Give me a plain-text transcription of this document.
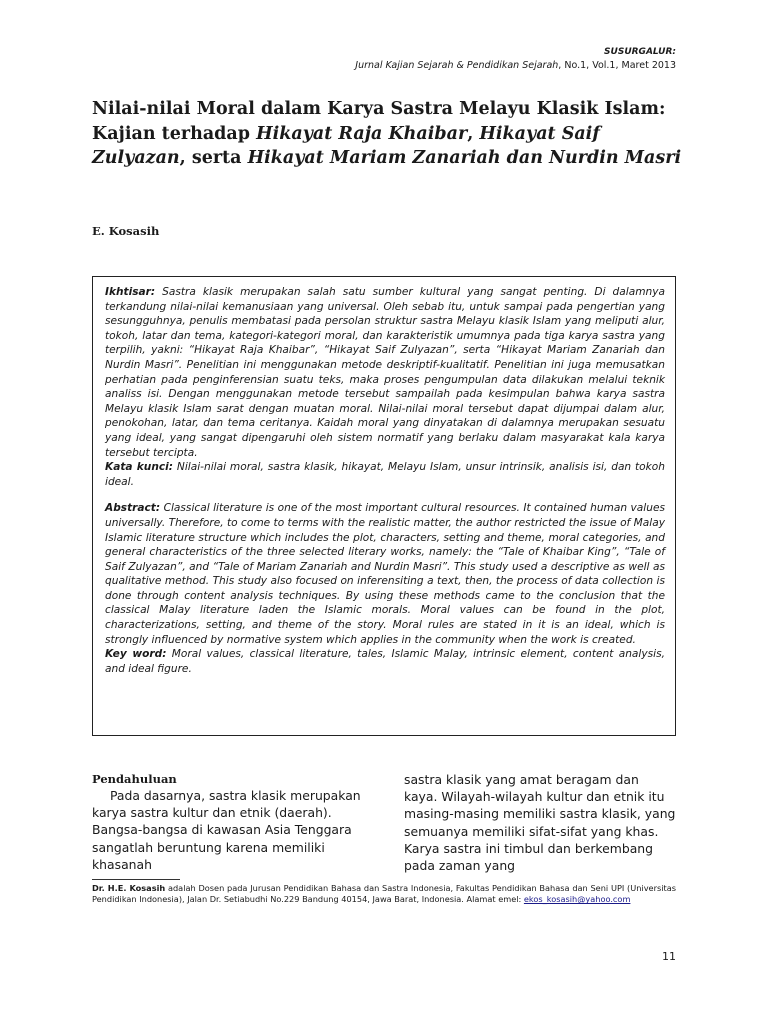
SUSURGALUR:
Jurnal Kajian Sejarah & Pendidikan Sejarah, No.1, Vol.1, Maret 2013
Nilai-nilai Moral dalam Karya Sastra Melayu Klasik Islam: Kajian terhadap Hikayat Raja Khaibar, Hikayat Saif Zulyazan, serta Hikayat Mariam Zanariah dan Nurdin Masri
E. Kosasih

Ikhtisar: Sastra klasik merupakan salah satu sumber kultural yang sangat penting. Di dalamnya terkandung nilai-nilai kemanusiaan yang universal. Oleh sebab itu, untuk sampai pada pengertian yang sesungguhnya, penulis membatasi pada persolan struktur sastra Melayu klasik Islam yang meliputi alur, tokoh, latar dan tema, kategori-kategori moral, dan karakteristik umumnya pada tiga karya sastra yang terpilih, yakni: “Hikayat Raja Khaibar”, “Hikayat Saif Zulyazan”, serta “Hikayat Mariam Zanariah dan Nurdin Masri”. Penelitian ini menggunakan metode deskriptif-kualitatif. Penelitian ini juga memusatkan perhatian pada penginferensian suatu teks, maka proses pengumpulan data dilakukan melalui teknik analiss isi. Dengan menggunakan metode tersebut sampailah pada kesimpulan bahwa karya sastra Melayu klasik Islam sarat dengan muatan moral. Nilai-nilai moral tersebut dapat dijumpai dalam alur, penokohan, latar, dan tema ceritanya. Kaidah moral yang dinyatakan di dalamnya merupakan sesuatu yang ideal, yang sangat dipengaruhi oleh sistem normatif yang berlaku dalam masyarakat kala karya tersebut tercipta.

Kata kunci: Nilai-nilai moral, sastra klasik, hikayat, Melayu Islam, unsur intrinsik, analisis isi, dan tokoh ideal.

Abstract: Classical literature is one of the most important cultural resources. It contained human values universally. Therefore, to come to terms with the realistic matter, the author restricted the issue of Malay Islamic literature structure which includes the plot, characters, setting and theme, moral categories, and general characteristics of the three selected literary works, namely: the “Tale of Khaibar King”, “Tale of Saif Zulyazan”, and “Tale of Mariam Zanariah and Nurdin Masri”. This study used a descriptive as well as qualitative method. This study also focused on inferensiting a text, then, the process of data collection is done through content analysis techniques. By using these methods came to the conclusion that the classical Malay literature laden the Islamic morals. Moral values can be found in the plot, characterizations, setting, and theme of the story. Moral rules are stated in it is an ideal, which is strongly influenced by normative system which applies in the community when the work is created.

Key word: Moral values, classical literature, tales, Islamic Malay, intrinsic element, content analysis, and ideal figure.

Pendahuluan

Pada dasarnya, sastra klasik merupakan karya sastra kultur dan etnik (daerah). Bangsa-bangsa di kawasan Asia Tenggara sangatlah beruntung karena memiliki khasanah

sastra klasik yang amat beragam dan kaya. Wilayah-wilayah kultur dan etnik itu masing-masing memiliki sastra klasik, yang semuanya memiliki sifat-sifat yang khas. Karya sastra ini timbul dan berkembang pada zaman yang

Dr. H.E. Kosasih adalah Dosen pada Jurusan Pendidikan Bahasa dan Sastra Indonesia, Fakultas Pendidikan Bahasa dan Seni UPI (Universitas Pendidikan Indonesia), Jalan Dr. Setiabudhi No.229 Bandung 40154, Jawa Barat, Indonesia. Alamat emel: ekos_kosasih@yahoo.com
11
